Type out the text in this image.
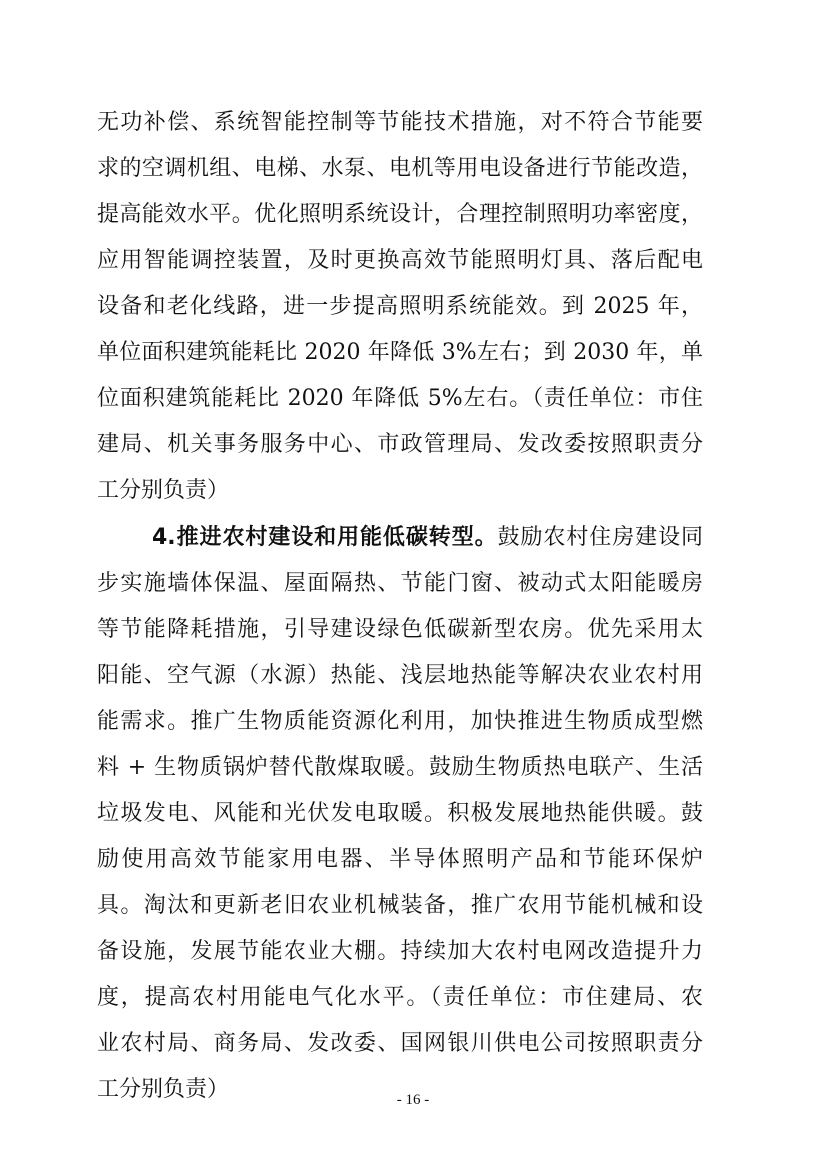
无功补偿、系统智能控制等节能技术措施，对不符合节能要
求的空调机组、电梯、水泵、电机等用电设备进行节能改造，
提高能效水平。优化照明系统设计，合理控制照明功率密度，
应用智能调控装置，及时更换高效节能照明灯具、落后配电
设备和老化线路，进一步提高照明系统能效。到 2025 年，
单位面积建筑能耗比 2020 年降低 3%左右；到 2030 年，单
位面积建筑能耗比 2020 年降低 5%左右。（责任单位：市住
建局、机关事务服务中心、市政管理局、发改委按照职责分
工分别负责）
4.推进农村建设和用能低碳转型。鼓励农村住房建设同
步实施墙体保温、屋面隔热、节能门窗、被动式太阳能暖房
等节能降耗措施，引导建设绿色低碳新型农房。优先采用太
阳能、空气源（水源）热能、浅层地热能等解决农业农村用
能需求。推广生物质能资源化利用，加快推进生物质成型燃
料 + 生物质锅炉替代散煤取暖。鼓励生物质热电联产、生活
垃圾发电、风能和光伏发电取暖。积极发展地热能供暖。鼓
励使用高效节能家用电器、半导体照明产品和节能环保炉
具。淘汰和更新老旧农业机械装备，推广农用节能机械和设
备设施，发展节能农业大棚。持续加大农村电网改造提升力
度，提高农村用能电气化水平。（责任单位：市住建局、农
业农村局、商务局、发改委、国网银川供电公司按照职责分
工分别负责）	- 16 -
